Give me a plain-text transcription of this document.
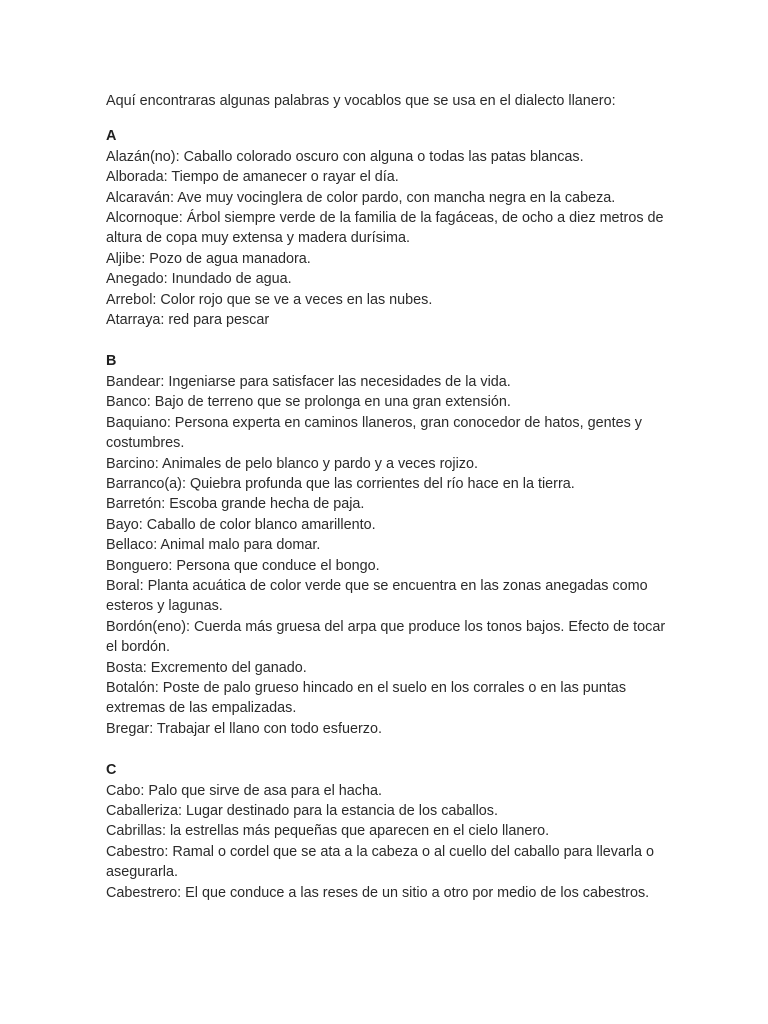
Aquí encontraras algunas palabras y vocablos que se usa en el dialecto llanero:

A

Alazán(no): Caballo colorado oscuro con alguna o todas las patas blancas.

Alborada: Tiempo de amanecer o rayar el día.

Alcaraván: Ave muy vocinglera de color pardo, con mancha negra en la cabeza.

Alcornoque: Árbol siempre verde de la familia de la fagáceas, de ocho a diez metros de altura de copa muy extensa y madera durísima.

Aljibe: Pozo de agua manadora.

Anegado: Inundado de agua.

Arrebol: Color rojo que se ve a veces en las nubes.

Atarraya: red para pescar

B

Bandear: Ingeniarse para satisfacer las necesidades de la vida.

Banco: Bajo de terreno que se prolonga en una gran extensión.

Baquiano: Persona experta en caminos llaneros, gran conocedor de hatos, gentes y costumbres.

Barcino: Animales de pelo blanco y pardo y a veces rojizo.

Barranco(a): Quiebra profunda que las corrientes del río hace en la tierra.

Barretón: Escoba grande hecha de paja.

Bayo: Caballo de color blanco amarillento.

Bellaco: Animal malo para domar.

Bonguero: Persona que conduce el bongo.

Boral: Planta acuática de color verde que se encuentra en las zonas anegadas como esteros y lagunas.

Bordón(eno): Cuerda más gruesa del arpa que produce los tonos bajos. Efecto de tocar el bordón.

Bosta: Excremento del ganado.

Botalón: Poste de palo grueso hincado en el suelo en los corrales o en las puntas extremas de las empalizadas.

Bregar: Trabajar el llano con todo esfuerzo.

C

Cabo: Palo que sirve de asa para el hacha.

Caballeriza: Lugar destinado para la estancia de los caballos.

Cabrillas: la estrellas más pequeñas que aparecen en el cielo llanero.

Cabestro: Ramal o cordel que se ata a la cabeza o al cuello del caballo para llevarla o asegurarla.

Cabestrero: El que conduce a las reses de un sitio a otro por medio de los cabestros.
